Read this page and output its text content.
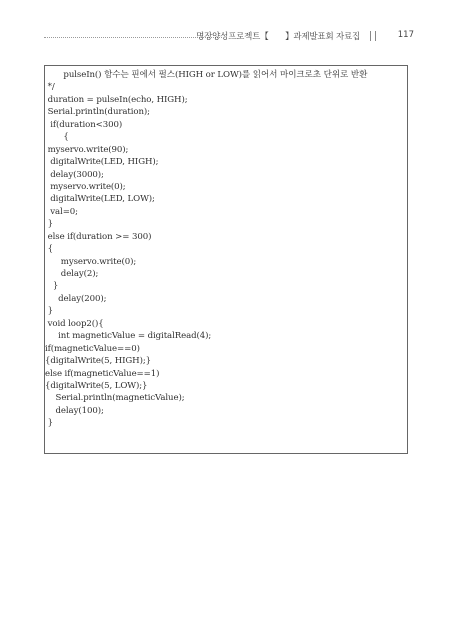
명장양성프로젝트【　　】과제발표회 자료집	117
pulseIn() 함수는 핀에서 펄스(HIGH or LOW)를 읽어서 마이크로초 단위로 반환
*/
duration = pulseIn(echo, HIGH);
Serial.println(duration);
if(duration<300)
{
myservo.write(90);
digitalWrite(LED, HIGH);
delay(3000);
myservo.write(0);
digitalWrite(LED, LOW);
val=0;
}
else if(duration >= 300)
{
myservo.write(0);
delay(2);
}
delay(200);
}
void loop2(){
int magneticValue = digitalRead(4);
if(magneticValue==0)
{digitalWrite(5, HIGH);}
else if(magneticValue==1)
{digitalWrite(5, LOW);}
Serial.println(magneticValue);
delay(100);
}
